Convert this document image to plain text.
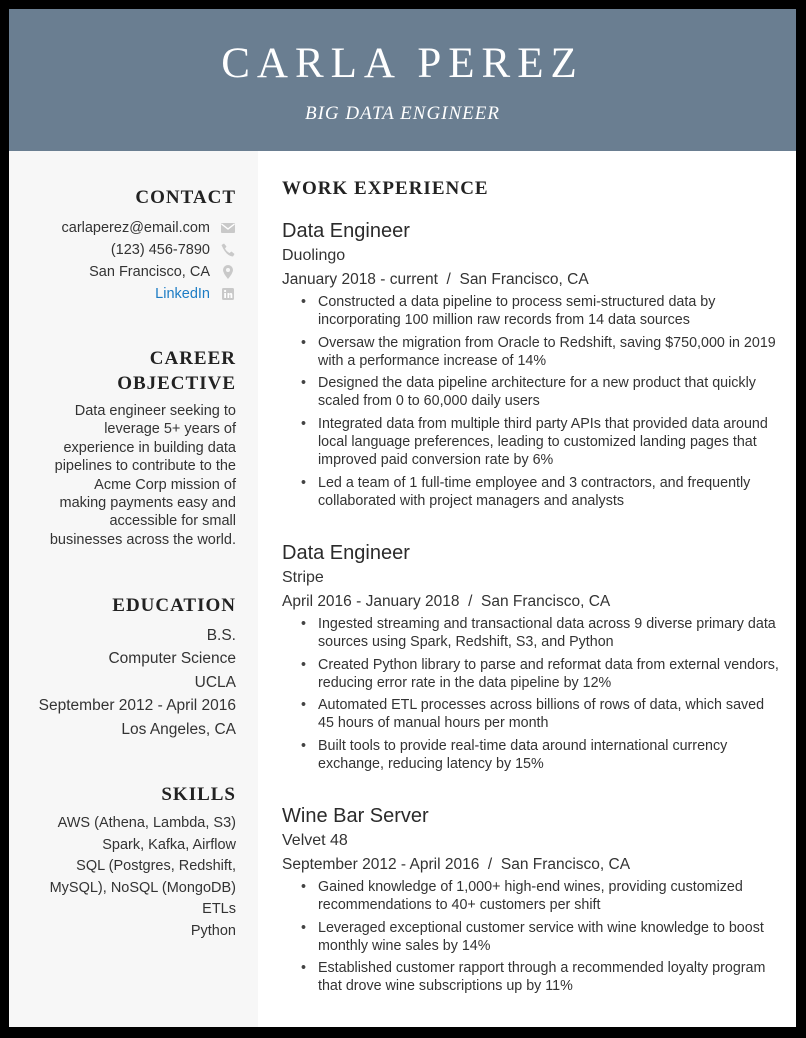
CARLA PEREZ
BIG DATA ENGINEER
CONTACT
carlaperez@email.com
(123) 456-7890
San Francisco, CA
LinkedIn
CAREER
OBJECTIVE
Data engineer seeking to
leverage 5+ years of
experience in building data
pipelines to contribute to the
Acme Corp mission of
making payments easy and
accessible for small
businesses across the world.
EDUCATION
B.S.
Computer Science
UCLA
September 2012 - April 2016
Los Angeles, CA
SKILLS
AWS (Athena, Lambda, S3)
Spark, Kafka, Airflow
SQL (Postgres, Redshift,
MySQL), NoSQL (MongoDB)
ETLs
Python
WORK EXPERIENCE
Data Engineer
Duolingo
January 2018 - current  /  San Francisco, CA
• Constructed a data pipeline to process semi-structured data by incorporating 100 million raw records from 14 data sources
• Oversaw the migration from Oracle to Redshift, saving $750,000 in 2019 with a performance increase of 14%
• Designed the data pipeline architecture for a new product that quickly scaled from 0 to 60,000 daily users
• Integrated data from multiple third party APIs that provided data around local language preferences, leading to customized landing pages that improved paid conversion rate by 6%
• Led a team of 1 full-time employee and 3 contractors, and frequently collaborated with project managers and analysts
Data Engineer
Stripe
April 2016 - January 2018  /  San Francisco, CA
• Ingested streaming and transactional data across 9 diverse primary data sources using Spark, Redshift, S3, and Python
• Created Python library to parse and reformat data from external vendors, reducing error rate in the data pipeline by 12%
• Automated ETL processes across billions of rows of data, which saved 45 hours of manual hours per month
• Built tools to provide real-time data around international currency exchange, reducing latency by 15%
Wine Bar Server
Velvet 48
September 2012 - April 2016  /  San Francisco, CA
• Gained knowledge of 1,000+ high-end wines, providing customized recommendations to 40+ customers per shift
• Leveraged exceptional customer service with wine knowledge to boost monthly wine sales by 14%
• Established customer rapport through a recommended loyalty program that drove wine subscriptions up by 11%
